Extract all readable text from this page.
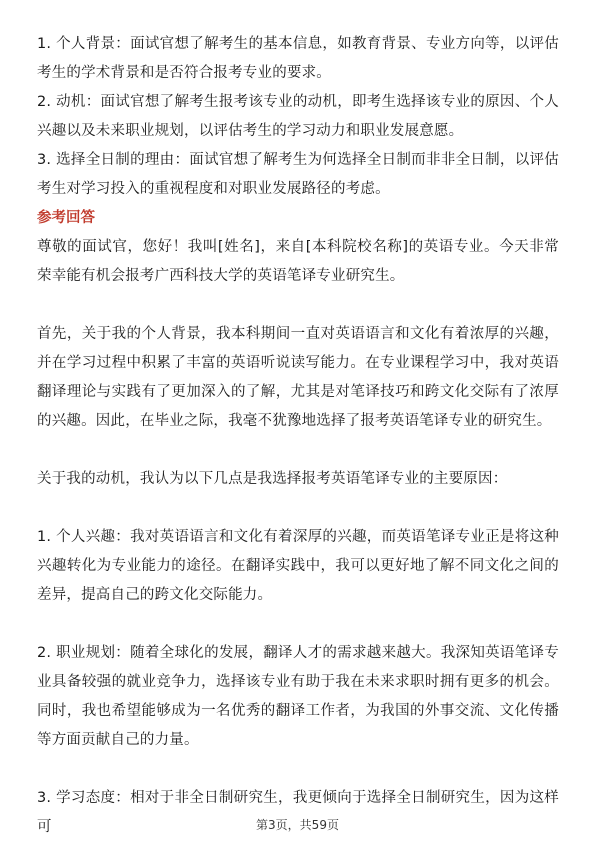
1. 个人背景：面试官想了解考生的基本信息，如教育背景、专业方向等，以评估考生的学术背景和是否符合报考专业的要求。

2. 动机：面试官想了解考生报考该专业的动机，即考生选择该专业的原因、个人兴趣以及未来职业规划，以评估考生的学习动力和职业发展意愿。

3. 选择全日制的理由：面试官想了解考生为何选择全日制而非非全日制，以评估考生对学习投入的重视程度和对职业发展路径的考虑。

参考回答

尊敬的面试官，您好！我叫[姓名]，来自[本科院校名称]的英语专业。今天非常荣幸能有机会报考广西科技大学的英语笔译专业研究生。

首先，关于我的个人背景，我本科期间一直对英语语言和文化有着浓厚的兴趣，并在学习过程中积累了丰富的英语听说读写能力。在专业课程学习中，我对英语翻译理论与实践有了更加深入的了解，尤其是对笔译技巧和跨文化交际有了浓厚的兴趣。因此，在毕业之际，我毫不犹豫地选择了报考英语笔译专业的研究生。

关于我的动机，我认为以下几点是我选择报考英语笔译专业的主要原因：

1. 个人兴趣：我对英语语言和文化有着深厚的兴趣，而英语笔译专业正是将这种兴趣转化为专业能力的途径。在翻译实践中，我可以更好地了解不同文化之间的差异，提高自己的跨文化交际能力。

2. 职业规划：随着全球化的发展，翻译人才的需求越来越大。我深知英语笔译专业具备较强的就业竞争力，选择该专业有助于我在未来求职时拥有更多的机会。同时，我也希望能够成为一名优秀的翻译工作者，为我国的外事交流、文化传播等方面贡献自己的力量。

3. 学习态度：相对于非全日制研究生，我更倾向于选择全日制研究生，因为这样可	第3页，共59页
